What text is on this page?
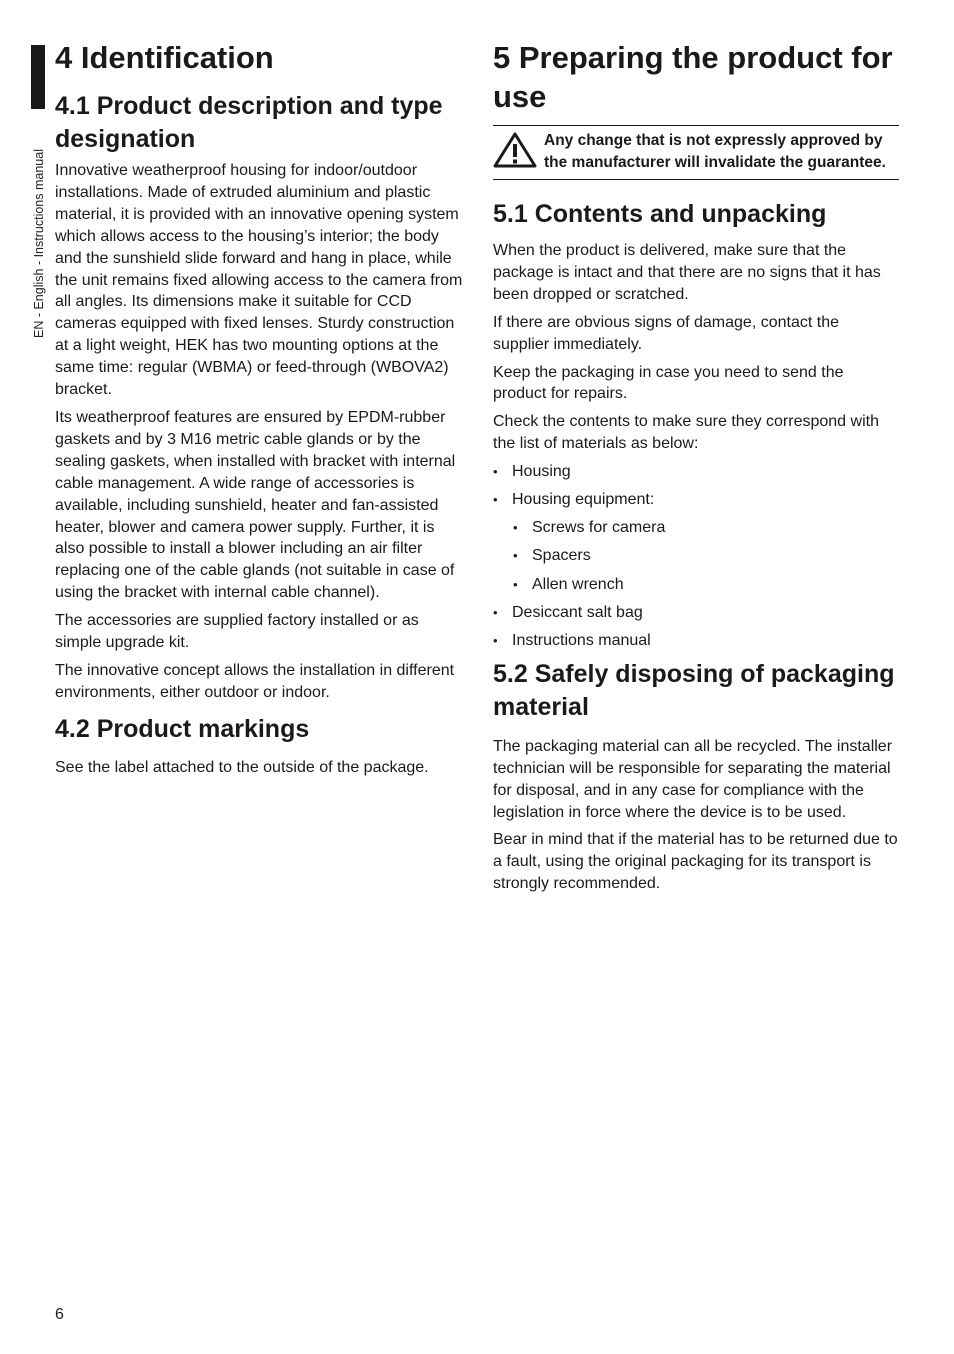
EN - English - Instructions manual
4 Identification
4.1 Product description and type designation

Innovative weatherproof housing for indoor/outdoor installations. Made of extruded aluminium and plastic material, it is provided with an innovative opening system which allows access to the housing’s interior; the body and the sunshield slide forward and hang in place, while the unit remains fixed allowing access to the camera from all angles. Its dimensions make it suitable for CCD cameras equipped with fixed lenses. Sturdy construction at a light weight, HEK has two mounting options at the same time: regular (WBMA) or feed-through (WBOVA2) bracket.

Its weatherproof features are ensured by EPDM-rubber gaskets and by 3 M16 metric cable glands or by the sealing gaskets, when installed with bracket with internal cable management. A wide range of accessories is available, including sunshield, heater and fan-assisted heater, blower and camera power supply. Further, it is also possible to install a blower including an air filter replacing one of the cable glands (not suitable in case of using the bracket with internal cable channel).

The accessories are supplied factory installed or as simple upgrade kit.

The innovative concept allows the installation in different environments, either outdoor or indoor.

4.2 Product markings

See the label attached to the outside of the package.

5 Preparing the product for use
Any change that is not expressly approved by the manufacturer will invalidate the guarantee.
5.1 Contents and unpacking

When the product is delivered, make sure that the package is intact and that there are no signs that it has been dropped or scratched.

If there are obvious signs of damage, contact the supplier immediately.

Keep the packaging in case you need to send the product for repairs.

Check the contents to make sure they correspond with the list of materials as below:

• Housing
• Housing equipment:
• Screws for camera
• Spacers
• Allen wrench
• Desiccant salt bag
• Instructions manual
5.2 Safely disposing of packaging material

The packaging material can all be recycled. The installer technician will be responsible for separating the material for disposal, and in any case for compliance with the legislation in force where the device is to be used.

Bear in mind that if the material has to be returned due to a fault, using the original packaging for its transport is strongly recommended.

6
